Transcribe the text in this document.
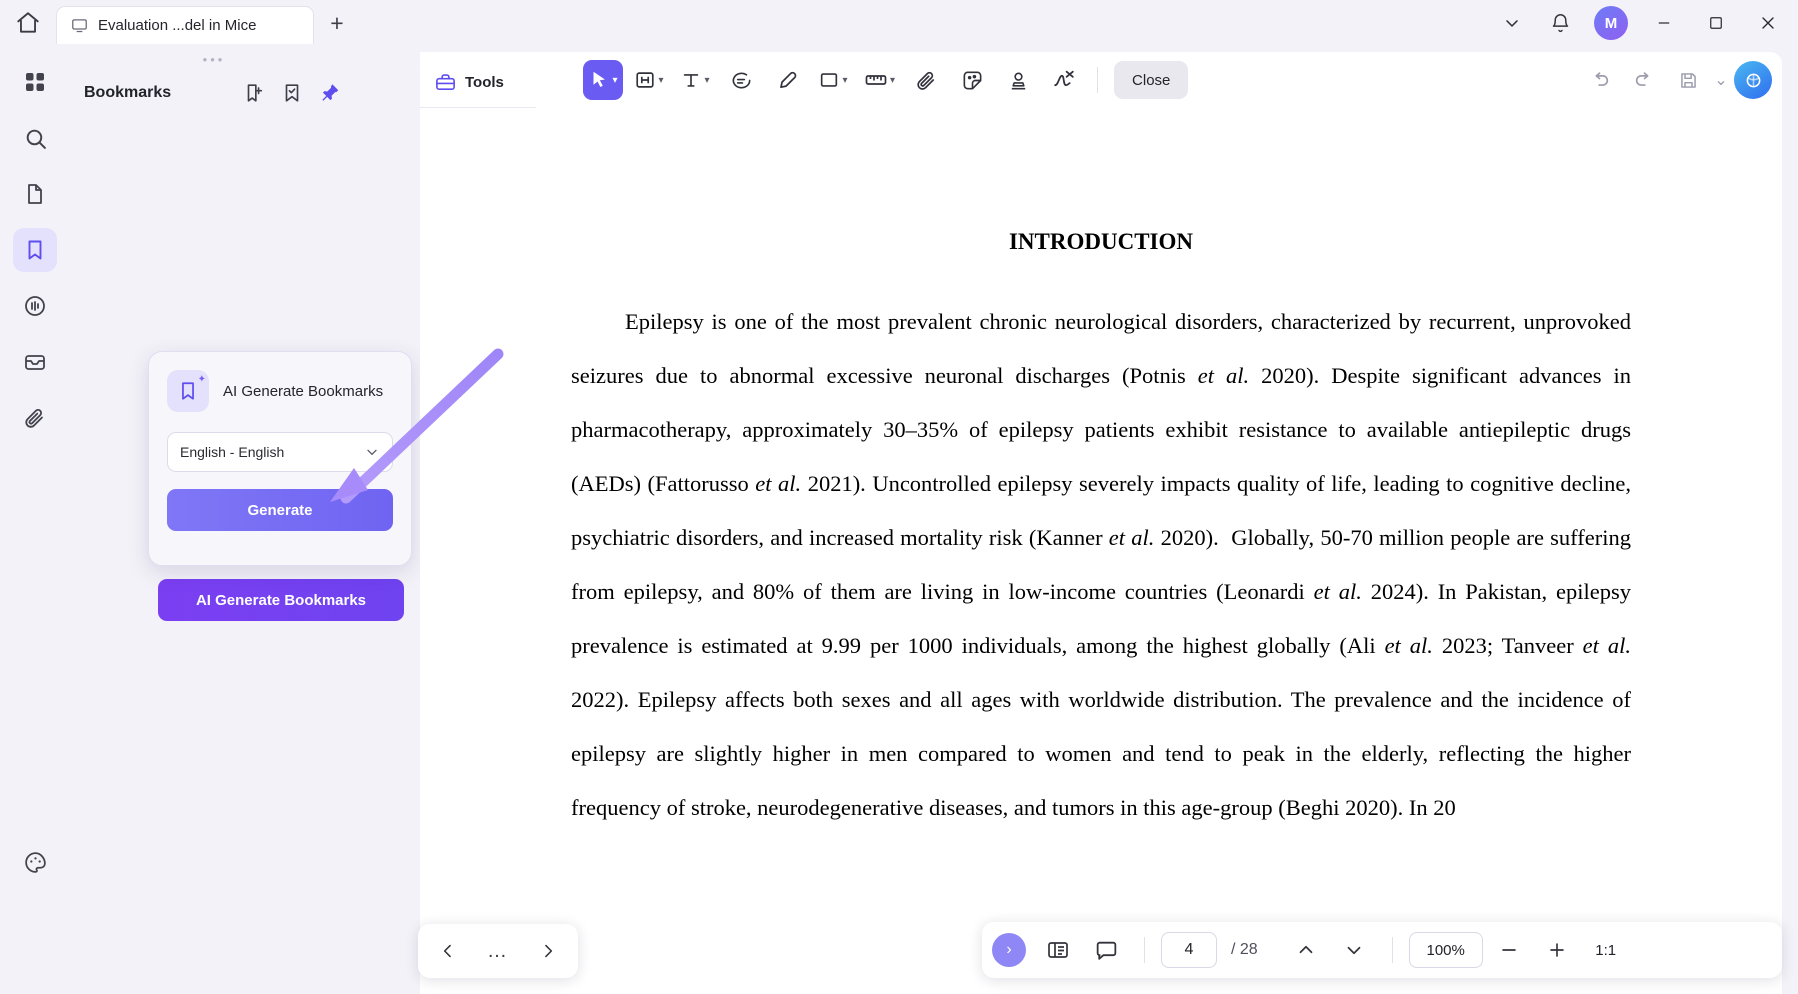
Evaluation ...del in Mice	+	M
•••
Bookmarks
AI Generate Bookmarks
✦
AI Generate Bookmarks
English - English
Generate
▾	▾	▾	▾	▾	Close	⌄
Tools
INTRODUCTION
Epilepsy is one of the most prevalent chronic neurological disorders, characterized by recurrent, unprovoked seizures due to abnormal excessive neuronal discharges (Potnis et al. 2020). Despite significant advances in pharmacotherapy, approximately 30–35% of epilepsy patients exhibit resistance to available antiepileptic drugs (AEDs) (Fattorusso et al. 2021). Uncontrolled epilepsy severely impacts quality of life, leading to cognitive decline, psychiatric disorders, and increased mortality risk (Kanner et al. 2020).  Globally, 50-70 million people are suffering from epilepsy, and 80% of them are living in low-income countries (Leonardi et al. 2024). In Pakistan, epilepsy prevalence is estimated at 9.99 per 1000 individuals, among the highest globally (Ali et al. 2023; Tanveer et al. 2022). Epilepsy affects both sexes and all ages with worldwide distribution. The prevalence and the incidence of epilepsy are slightly higher in men compared to women and tend to peak in the elderly, reflecting the higher frequency of stroke, neurodegenerative diseases, and tumors in this age-group (Beghi 2020). In 20
…	›	4	/ 28	100%	1:1
